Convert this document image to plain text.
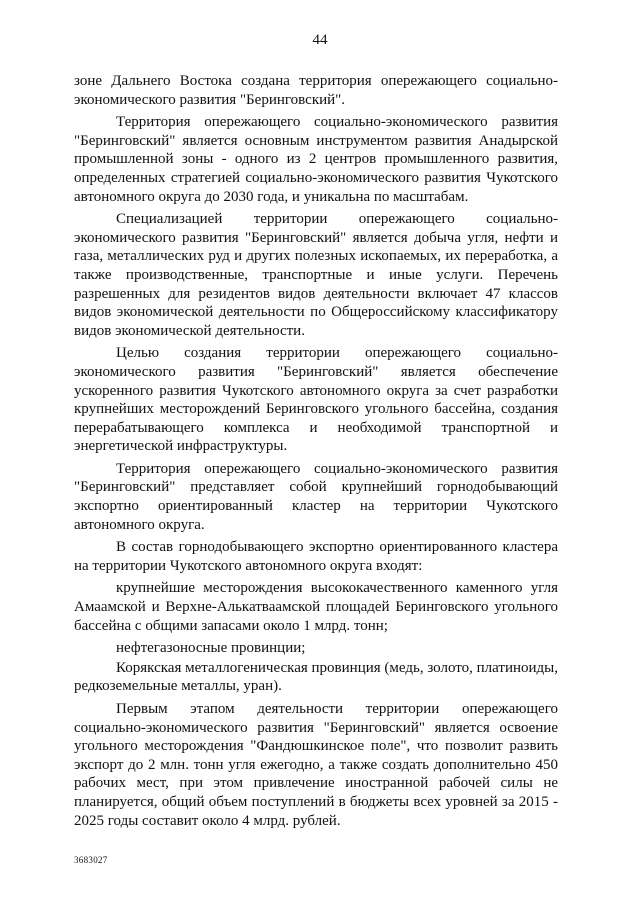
44

зоне Дальнего Востока создана территория опережающего социально-экономического развития "Беринговский".

Территория опережающего социально-экономического развития "Беринговский" является основным инструментом развития Анадырской промышленной зоны - одного из 2 центров промышленного развития, определенных стратегией социально-экономического развития Чукотского автономного округа до 2030 года, и уникальна по масштабам.

Специализацией территории опережающего социально-экономического развития "Беринговский" является добыча угля, нефти и газа, металлических руд и других полезных ископаемых, их переработка, а также производственные, транспортные и иные услуги. Перечень разрешенных для резидентов видов деятельности включает 47 классов видов экономической деятельности по Общероссийскому классификатору видов экономической деятельности.

Целью создания территории опережающего социально-экономического развития "Беринговский" является обеспечение ускоренного развития Чукотского автономного округа за счет разработки крупнейших месторождений Беринговского угольного бассейна, создания перерабатывающего комплекса и необходимой транспортной и энергетической инфраструктуры.

Территория опережающего социально-экономического развития "Беринговский" представляет собой крупнейший горнодобывающий экспортно ориентированный кластер на территории Чукотского автономного округа.

В состав горнодобывающего экспортно ориентированного кластера на территории Чукотского автономного округа входят:

крупнейшие месторождения высококачественного каменного угля Амаамской и Верхне-Алькатваамской площадей Беринговского угольного бассейна с общими запасами около 1 млрд. тонн;

нефтегазоносные провинции;

Корякская металлогеническая провинция (медь, золото, платиноиды, редкоземельные металлы, уран).

Первым этапом деятельности территории опережающего социально-экономического развития "Беринговский" является освоение угольного месторождения "Фандюшкинское поле", что позволит развить экспорт до 2 млн. тонн угля ежегодно, а также создать дополнительно 450 рабочих мест, при этом привлечение иностранной рабочей силы не планируется, общий объем поступлений в бюджеты всех уровней за 2015 - 2025 годы составит около 4 млрд. рублей.

3683027
